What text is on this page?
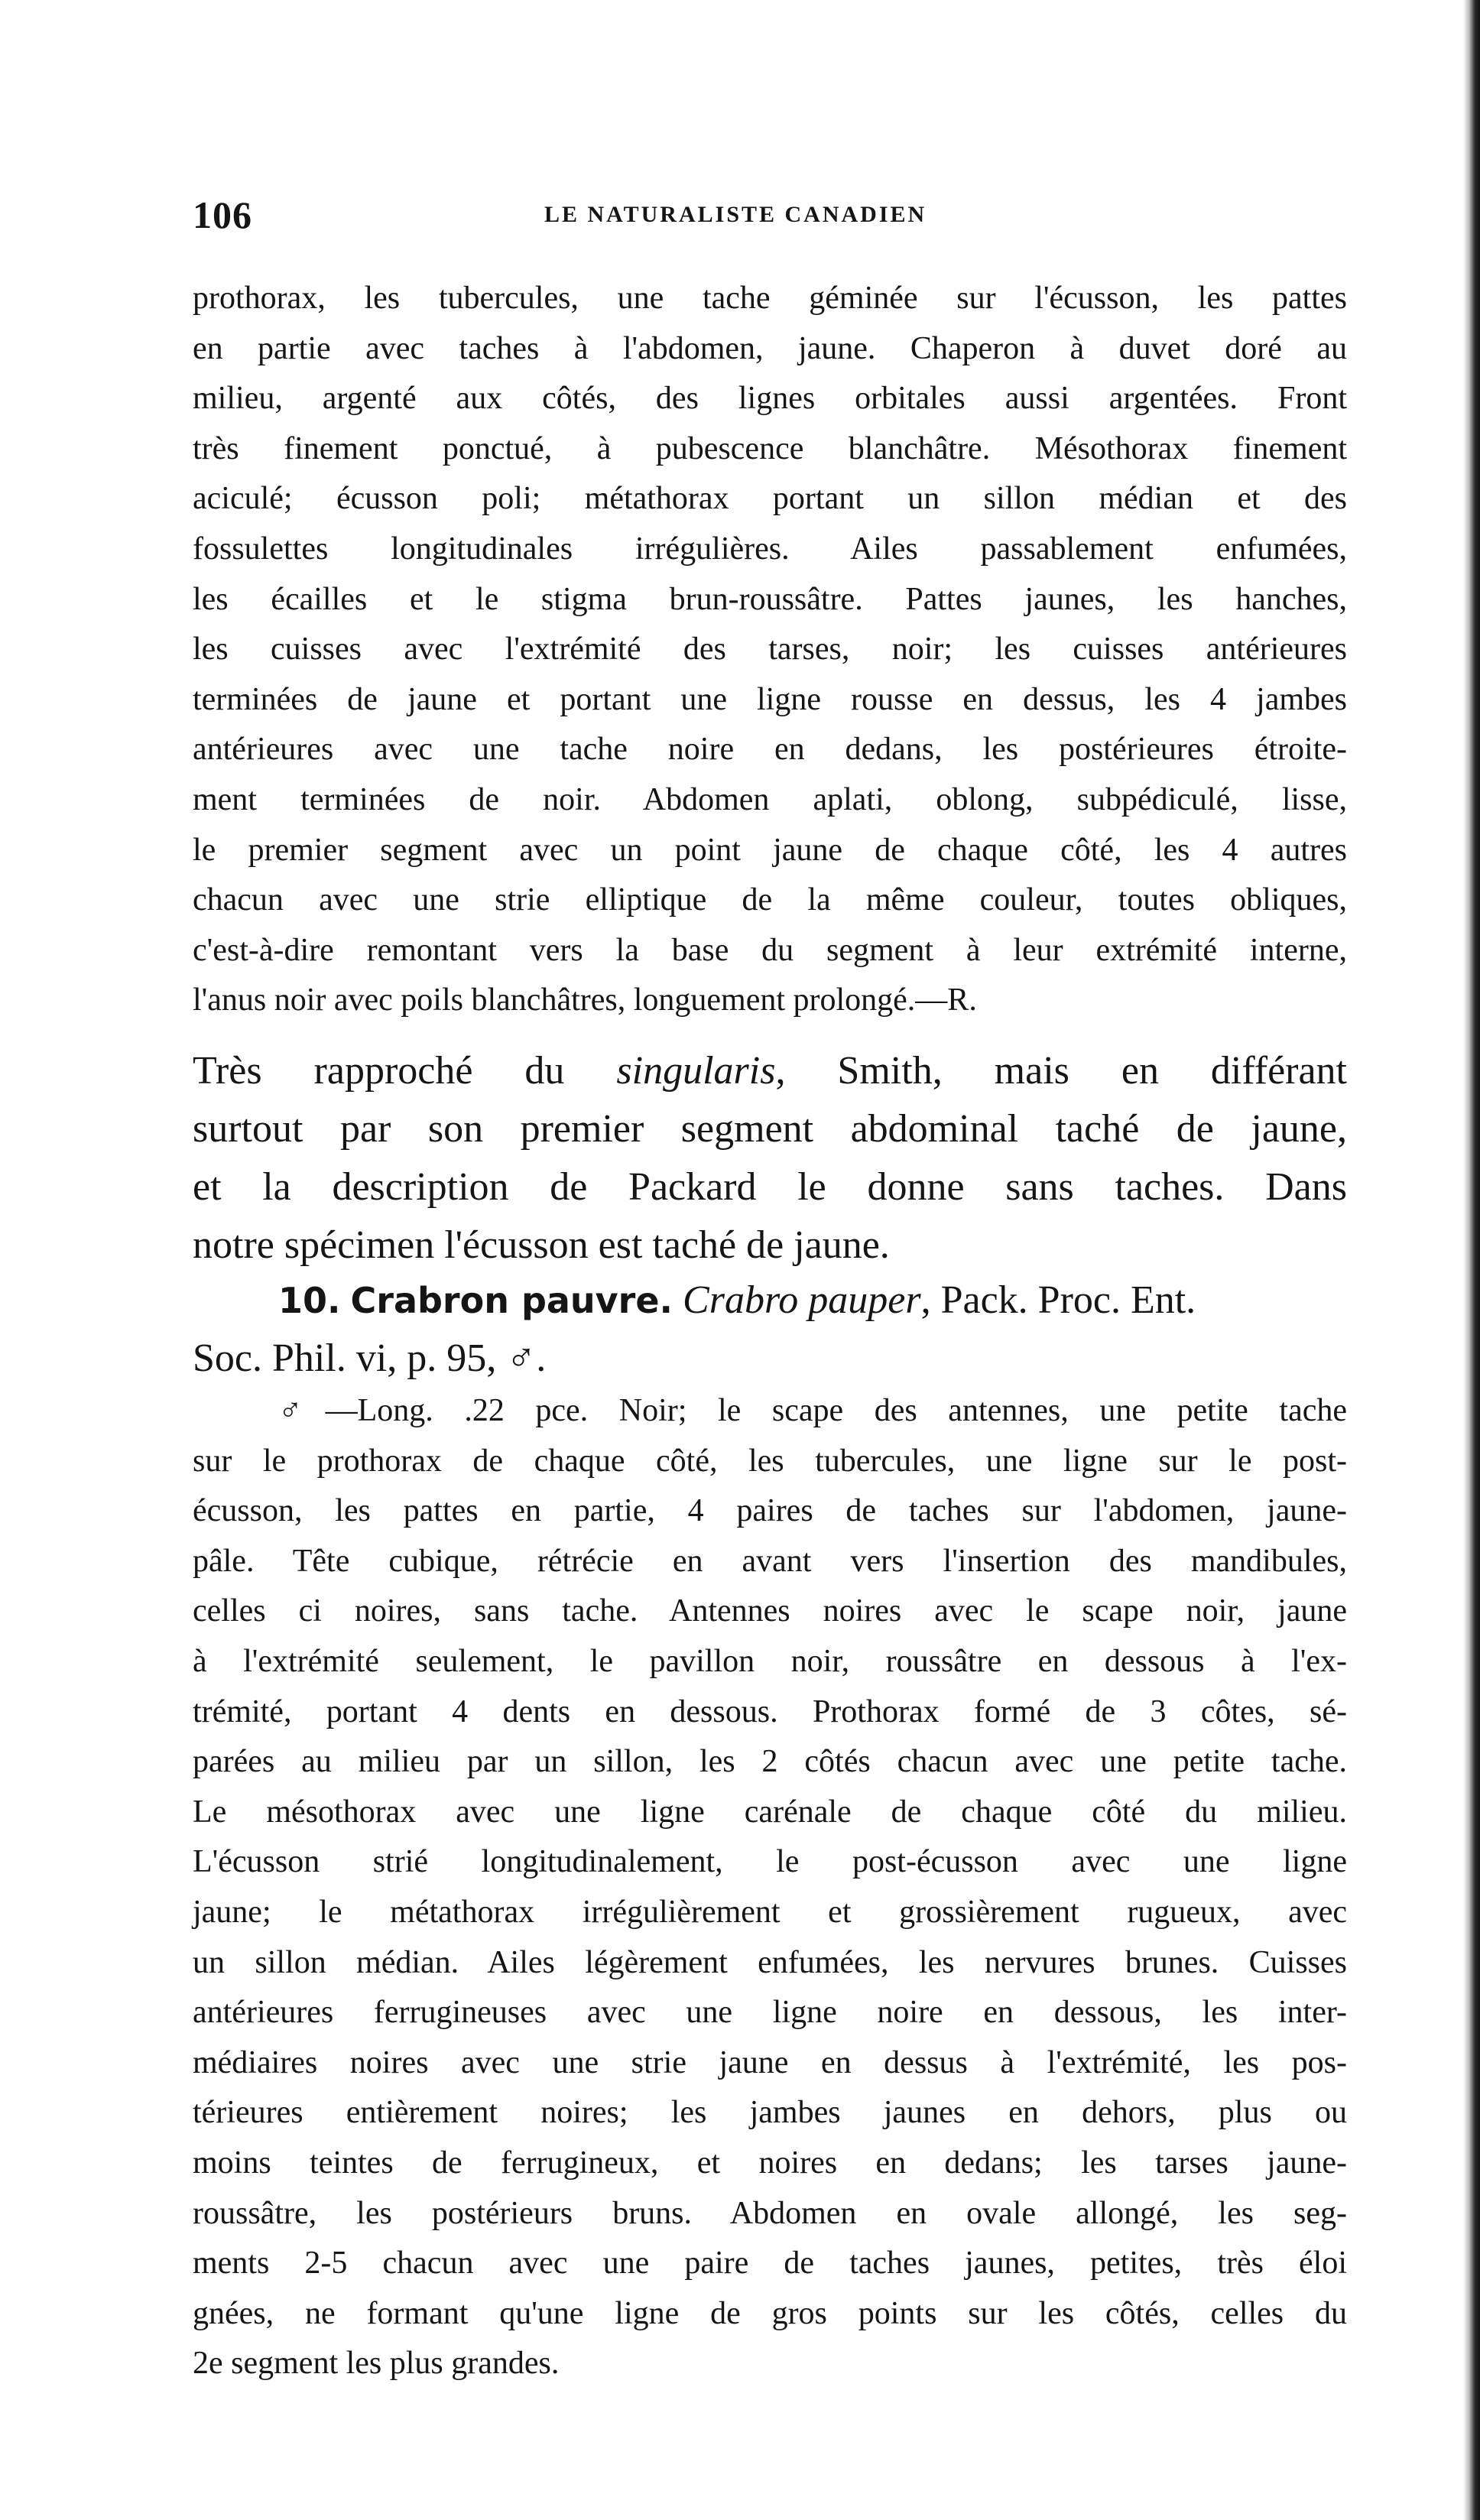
106	LE NATURALISTE CANADIEN
prothorax, les tubercules, une tache géminée sur l'écusson, les pattes
en partie avec taches à l'abdomen, jaune. Chaperon à duvet doré au
milieu, argenté aux côtés, des lignes orbitales aussi argentées. Front
très finement ponctué, à pubescence blanchâtre. Mésothorax finement
aciculé; écusson poli; métathorax portant un sillon médian et des
fossulettes longitudinales irrégulières. Ailes passablement enfumées,
les écailles et le stigma brun-roussâtre. Pattes jaunes, les hanches,
les cuisses avec l'extrémité des tarses, noir; les cuisses antérieures
terminées de jaune et portant une ligne rousse en dessus, les 4 jambes
antérieures avec une tache noire en dedans, les postérieures étroite-
ment terminées de noir. Abdomen aplati, oblong, subpédiculé, lisse,
le premier segment avec un point jaune de chaque côté, les 4 autres
chacun avec une strie elliptique de la même couleur, toutes obliques,
c'est-à-dire remontant vers la base du segment à leur extrémité interne,
l'anus noir avec poils blanchâtres, longuement prolongé.—R.
Très rapproché du singularis, Smith, mais en différant
surtout par son premier segment abdominal taché de jaune,
et la description de Packard le donne sans taches. Dans
notre spécimen l'écusson est taché de jaune.
10. Crabron pauvre. Crabro pauper, Pack. Proc. Ent.
Soc. Phil. vi, p. 95, ♂.
♂—Long. .22 pce. Noir; le scape des antennes, une petite tache
sur le prothorax de chaque côté, les tubercules, une ligne sur le post-
écusson, les pattes en partie, 4 paires de taches sur l'abdomen, jaune-
pâle. Tête cubique, rétrécie en avant vers l'insertion des mandibules,
celles ci noires, sans tache. Antennes noires avec le scape noir, jaune
à l'extrémité seulement, le pavillon noir, roussâtre en dessous à l'ex-
trémité, portant 4 dents en dessous. Prothorax formé de 3 côtes, sé-
parées au milieu par un sillon, les 2 côtés chacun avec une petite tache.
Le mésothorax avec une ligne carénale de chaque côté du milieu.
L'écusson strié longitudinalement, le post-écusson avec une ligne
jaune; le métathorax irrégulièrement et grossièrement rugueux, avec
un sillon médian. Ailes légèrement enfumées, les nervures brunes. Cuisses
antérieures ferrugineuses avec une ligne noire en dessous, les inter-
médiaires noires avec une strie jaune en dessus à l'extrémité, les pos-
térieures entièrement noires; les jambes jaunes en dehors, plus ou
moins teintes de ferrugineux, et noires en dedans; les tarses jaune-
roussâtre, les postérieurs bruns. Abdomen en ovale allongé, les seg-
ments 2-5 chacun avec une paire de taches jaunes, petites, très éloi
gnées, ne formant qu'une ligne de gros points sur les côtés, celles du
2e segment les plus grandes.
